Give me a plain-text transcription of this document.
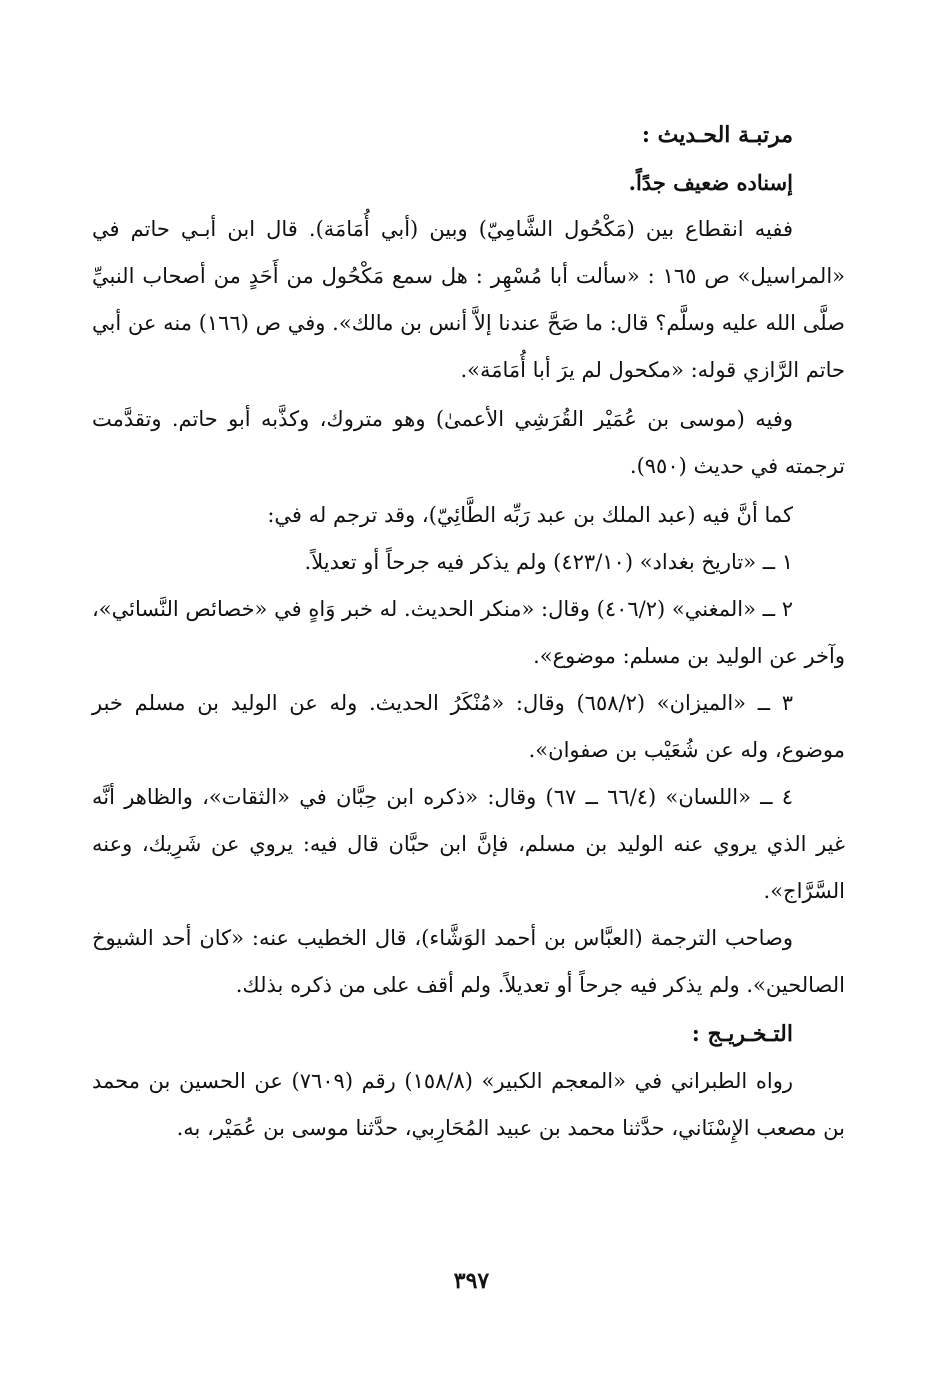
مرتبـة الحـديث :

إسناده ضعيف جدًاً.

ففيه انقطاع بين (مَكْحُول الشَّامِيّ) وبين (أبي أُمَامَة). قال ابن أبـي حاتم في «المراسيل» ص ١٦٥ : «سألت أبا مُسْهِر : هل سمع مَكْحُول من أَحَدٍ من أصحاب النبيِّ صلَّى الله عليه وسلَّم؟ قال: ما صَحَّ عندنا إلاَّ أنس بن مالك». وفي ص (١٦٦) منه عن أبي حاتم الرَّازي قوله: «مكحول لم يرَ أبا أُمَامَة».

وفيه (موسى بن عُمَيْر القُرَشِي الأعمىٰ) وهو متروك، وكذَّبه أبو حاتم. وتقدَّمت ترجمته في حديث (٩٥٠).

كما أنَّ فيه (عبد الملك بن عبد رَبِّه الطَّائِيّ)، وقد ترجم له في:

١ ــ «تاريخ بغداد» (٤٢٣/١٠) ولم يذكر فيه جرحاً أو تعديلاً.

٢ ــ «المغني» (٤٠٦/٢) وقال: «منكر الحديث. له خبر وَاهٍ في «خصائص النَّسائي»، وآخر عن الوليد بن مسلم: موضوع».

٣ ــ «الميزان» (٦٥٨/٢) وقال: «مُنْكَرُ الحديث. وله عن الوليد بن مسلم خبر موضوع، وله عن شُعَيْب بن صفوان».

٤ ــ «اللسان» (٦٦/٤ ــ ٦٧) وقال: «ذكره ابن حِبَّان في «الثقات»، والظاهر أنَّه غير الذي يروي عنه الوليد بن مسلم، فإنَّ ابن حبَّان قال فيه: يروي عن شَرِيك، وعنه السَّرَّاج».

وصاحب الترجمة (العبَّاس بن أحمد الوَشَّاء)، قال الخطيب عنه: «كان أحد الشيوخ الصالحين». ولم يذكر فيه جرحاً أو تعديلاً. ولم أقف على من ذكره بذلك.

التـخـريـج :

رواه الطبراني في «المعجم الكبير» (١٥٨/٨) رقم (٧٦٠٩) عن الحسين بن محمد بن مصعب الإِسْنَاني، حدَّثنا محمد بن عبيد المُحَارِبي، حدَّثنا موسى بن عُمَيْر، به.

٣٩٧
